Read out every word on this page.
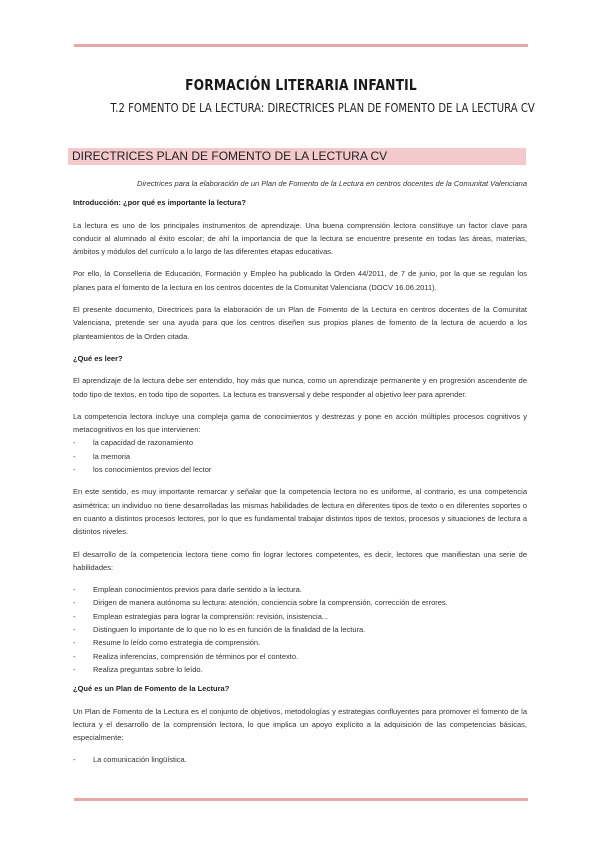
FORMACIÓN LITERARIA INFANTIL
T.2 FOMENTO DE LA LECTURA: DIRECTRICES PLAN DE FOMENTO DE LA LECTURA CV
DIRECTRICES PLAN DE FOMENTO DE LA LECTURA CV

Directrices para la elaboración de un Plan de Fomento de la Lectura en centros docentes de la Comunitat Valenciana

Introducción: ¿por qué es importante la lectura?

La lectura es uno de los principales instrumentos de aprendizaje. Una buena comprensión lectora constituye un factor clave para conducir al alumnado al éxito escolar; de ahí la importancia de que la lectura se encuentre presente en todas las áreas, materias, ámbitos y módulos del currículo a lo largo de las diferentes etapas educativas.

Por ello, la Conselleria de Educación, Formación y Empleo ha publicado la Orden 44/2011, de 7 de junio, por la que se regulan los planes para el fomento de la lectura en los centros docentes de la Comunitat Valenciana (DOCV 16.06.2011).

El presente documento, Directrices para la elaboración de un Plan de Fomento de la Lectura en centros docentes de la Comunitat Valenciana, pretende ser una ayuda para que los centros diseñen sus propios planes de fomento de la lectura de acuerdo a los planteamientos de la Orden citada.

¿Qué es leer?

El aprendizaje de la lectura debe ser entendido, hoy más que nunca, como un aprendizaje permanente y en progresión ascendente de todo tipo de textos, en todo tipo de soportes. La lectura es transversal y debe responder al objetivo leer para aprender.

La competencia lectora incluye una compleja gama de conocimientos y destrezas y pone en acción múltiples procesos cognitivos y metacognitivos en los que intervienen:

- la capacidad de razonamiento
- la memoria
- los conocimientos previos del lector

En este sentido, es muy importante remarcar y señalar que la competencia lectora no es uniforme, al contrario, es una competencia asimétrica: un individuo no tiene desarrolladas las mismas habilidades de lectura en diferentes tipos de texto o en diferentes soportes o en cuanto a distintos procesos lectores, por lo que es fundamental trabajar distintos tipos de textos, procesos y situaciones de lectura a distintos niveles.

El desarrollo de la competencia lectora tiene como fin lograr lectores competentes, es decir, lectores que manifiestan una serie de habilidades:

- Emplean conocimientos previos para darle sentido a la lectura.
- Dirigen de manera autónoma su lectura: atención, conciencia sobre la comprensión, corrección de errores.
- Emplean estrategias para lograr la comprensión: revisión, insistencia...
- Distinguen lo importante de lo que no lo es en función de la finalidad de la lectura.
- Resume lo leído como estrategia de comprensión.
- Realiza inferencias, comprensión de términos por el contexto.
- Realiza preguntas sobre lo leído.

¿Qué es un Plan de Fomento de la Lectura?

Un Plan de Fomento de la Lectura es el conjunto de objetivos, metodologías y estrategias confluyentes para promover el fomento de la lectura y el desarrollo de la comprensión lectora, lo que implica un apoyo explícito a la adquisición de las competencias básicas, especialmente:

- La comunicación lingüística.
